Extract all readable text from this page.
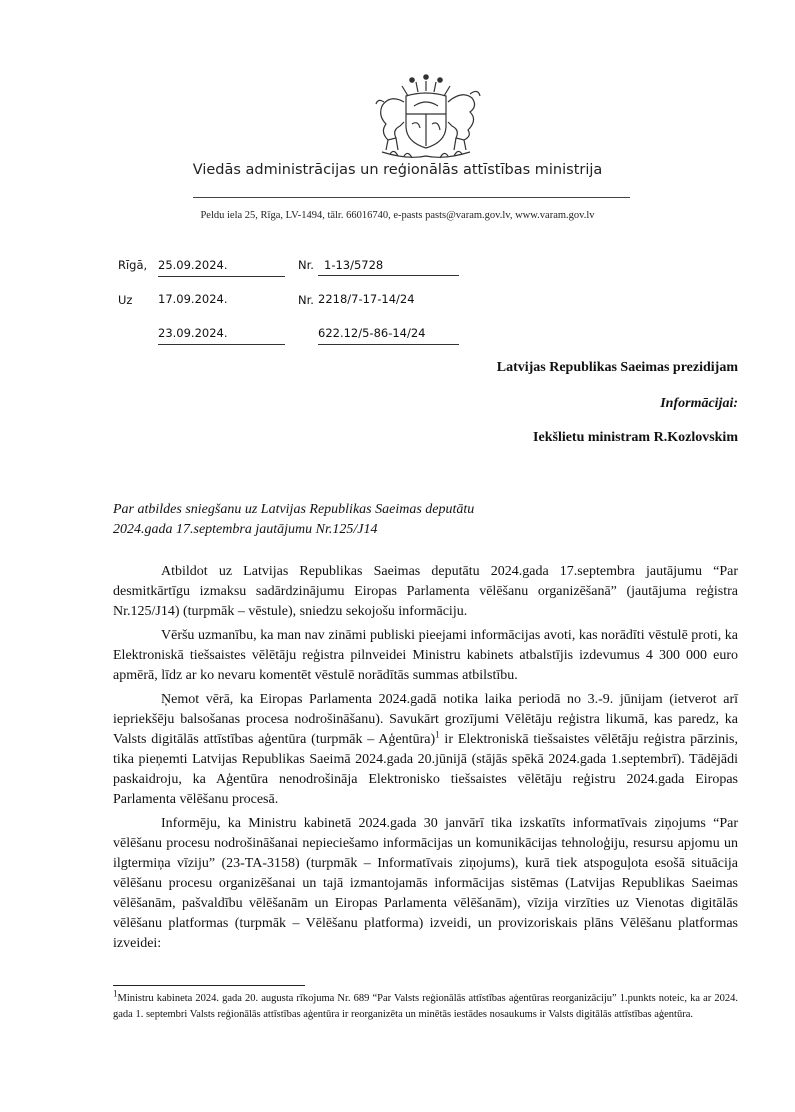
Viedās administrācijas un reģionālās attīstības ministrija
Peldu iela 25, Rīga, LV-1494, tālr. 66016740, e-pasts pasts@varam.gov.lv, www.varam.gov.lv
Rīgā, 25.09.2024.	Nr. 1-13/5728
Uz 17.09.2024.	Nr. 2218/7-17-14/24
23.09.2024.	622.12/5-86-14/24
Latvijas Republikas Saeimas prezidijam
Informācijai:
Iekšlietu ministram R.Kozlovskim
Par atbildes sniegšanu uz Latvijas Republikas Saeimas deputātu
2024.gada 17.septembra jautājumu Nr.125/J14

Atbildot uz Latvijas Republikas Saeimas deputātu 2024.gada 17.septembra jautājumu “Par desmitkārtīgu izmaksu sadārdzinājumu Eiropas Parlamenta vēlēšanu organizēšanā” (jautājuma reģistra Nr.125/J14) (turpmāk – vēstule), sniedzu sekojošu informāciju.

Vēršu uzmanību, ka man nav zināmi publiski pieejami informācijas avoti, kas norādīti vēstulē proti, ka Elektroniskā tiešsaistes vēlētāju reģistra pilnveidei Ministru kabinets atbalstījis izdevumus 4 300 000 euro apmērā, līdz ar ko nevaru komentēt vēstulē norādītās summas atbilstību.

Ņemot vērā, ka Eiropas Parlamenta 2024.gadā notika laika periodā no 3.-9. jūnijam (ietverot arī iepriekšēju balsošanas procesa nodrošināšanu). Savukārt grozījumi Vēlētāju reģistra likumā, kas paredz, ka Valsts digitālās attīstības aģentūra (turpmāk – Aģentūra)$^1$ ir Elektroniskā tiešsaistes vēlētāju reģistra pārzinis, tika pieņemti Latvijas Republikas Saeimā 2024.gada 20.jūnijā (stājās spēkā 2024.gada 1.septembrī). Tādējādi paskaidroju, ka Aģentūra nenodrošināja Elektronisko tiešsaistes vēlētāju reģistru 2024.gada Eiropas Parlamenta vēlēšanu procesā.

Informēju, ka Ministru kabinetā 2024.gada 30 janvārī tika izskatīts informatīvais ziņojums “Par vēlēšanu procesu nodrošināšanai nepieciešamo informācijas un komunikācijas tehnoloģiju, resursu apjomu un ilgtermiņa vīziju” (23-TA-3158) (turpmāk – Informatīvais ziņojums), kurā tiek atspoguļota esošā situācija vēlēšanu procesu organizēšanai un tajā izmantojamās informācijas sistēmas (Latvijas Republikas Saeimas vēlēšanām, pašvaldību vēlēšanām un Eiropas Parlamenta vēlēšanām), vīzija virzīties uz Vienotas digitālās vēlēšanu platformas (turpmāk – Vēlēšanu platforma) izveidi, un provizoriskais plāns Vēlēšanu platformas izveidei:

$^1$Ministru kabineta 2024. gada 20. augusta rīkojuma Nr. 689 “Par Valsts reģionālās attīstības aģentūras reorganizāciju” 1.punkts noteic, ka ar 2024. gada 1. septembri Valsts reģionālās attīstības aģentūra ir reorganizēta un minētās iestādes nosaukums ir Valsts digitālās attīstības aģentūra.
